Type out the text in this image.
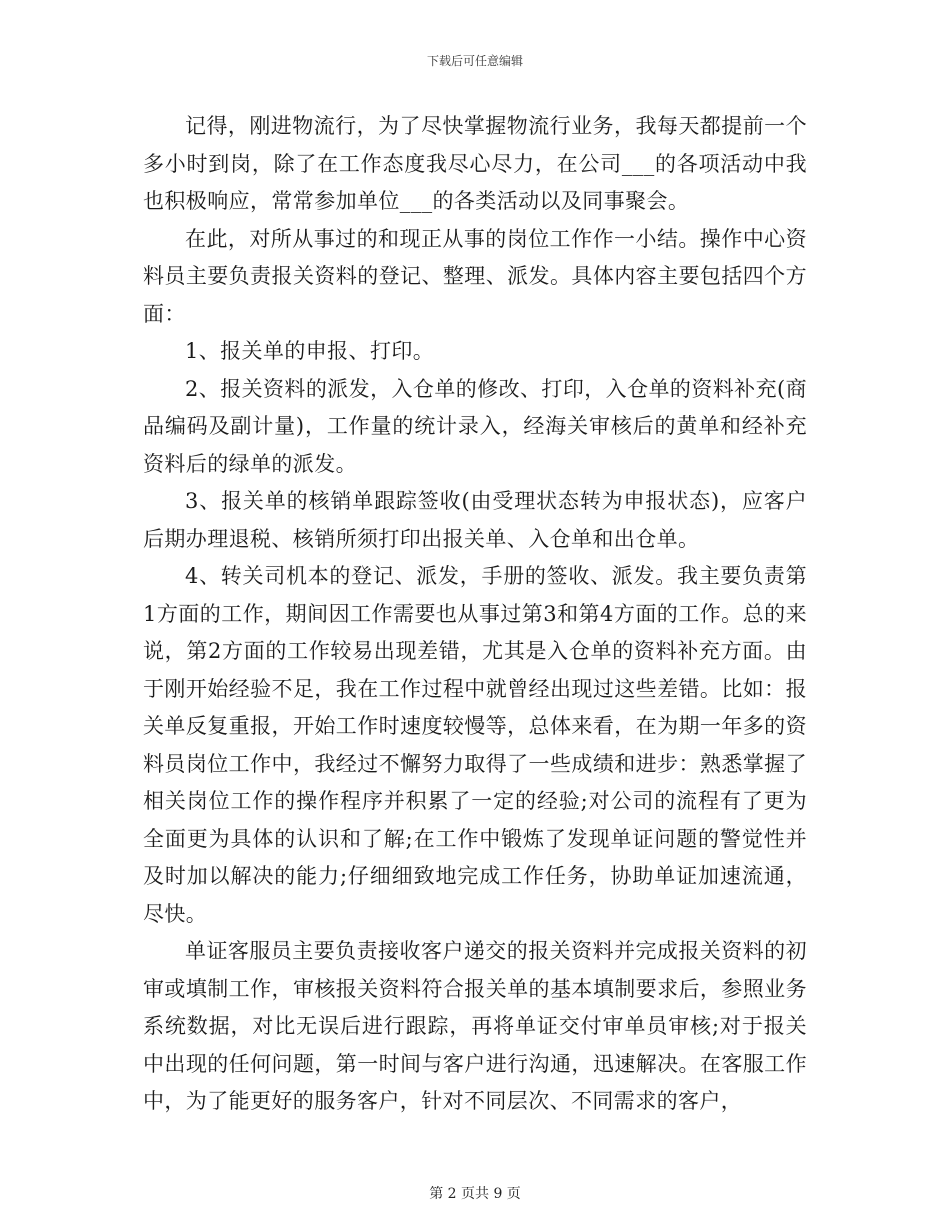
下载后可任意编辑

记得，刚进物流行，为了尽快掌握物流行业务，我每天都提前一个多小时到岗，除了在工作态度我尽心尽力，在公司___的各项活动中我也积极响应，常常参加单位___的各类活动以及同事聚会。

在此，对所从事过的和现正从事的岗位工作作一小结。操作中心资料员主要负责报关资料的登记、整理、派发。具体内容主要包括四个方面：

1、报关单的申报、打印。

2、报关资料的派发，入仓单的修改、打印，入仓单的资料补充(商品编码及副计量)，工作量的统计录入，经海关审核后的黄单和经补充资料后的绿单的派发。

3、报关单的核销单跟踪签收(由受理状态转为申报状态)，应客户后期办理退税、核销所须打印出报关单、入仓单和出仓单。

4、转关司机本的登记、派发，手册的签收、派发。我主要负责第1方面的工作，期间因工作需要也从事过第3和第4方面的工作。总的来说，第2方面的工作较易出现差错，尤其是入仓单的资料补充方面。由于刚开始经验不足，我在工作过程中就曾经出现过这些差错。比如：报关单反复重报，开始工作时速度较慢等，总体来看，在为期一年多的资料员岗位工作中，我经过不懈努力取得了一些成绩和进步：熟悉掌握了相关岗位工作的操作程序并积累了一定的经验;对公司的流程有了更为全面更为具体的认识和了解;在工作中锻炼了发现单证问题的警觉性并及时加以解决的能力;仔细细致地完成工作任务，协助单证加速流通，尽快。

单证客服员主要负责接收客户递交的报关资料并完成报关资料的初审或填制工作，审核报关资料符合报关单的基本填制要求后，参照业务系统数据，对比无误后进行跟踪，再将单证交付审单员审核;对于报关中出现的任何问题，第一时间与客户进行沟通，迅速解决。在客服工作中，为了能更好的服务客户，针对不同层次、不同需求的客户，

第 2 页共 9 页
